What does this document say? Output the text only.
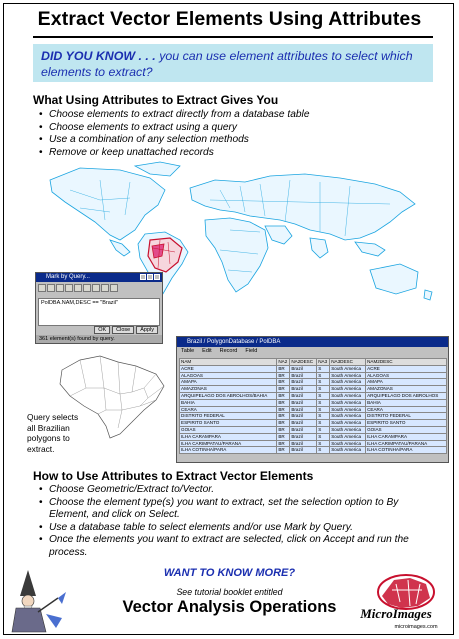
Extract Vector Elements Using Attributes
DID YOU KNOW . . . you can use element attributes to select which elements to extract?
What Using Attributes to Extract Gives You
• Choose elements to extract directly from a database table
• Choose elements to extract using a query
• Use a combination of any selection methods
• Remove or keep unattached records
Mark by Query...
PolDBA.NAM,DESC == "Brazil"
OK Close Apply
361 element(s) found by query.
Query selects
all Brazilian
polygons to
extract.
Brazil / PolygonDatabase / PolDBA
Table Edit Record Field
NAM	NA2	NA2DESC	NA3	NA3DESC	NAM2DESC
ACRE	BR	Brazil	S	South America	ACRE
ALAGOAS	BR	Brazil	S	South America	ALAGOAS
AMAPA	BR	Brazil	S	South America	AMAPA
AMAZONAS	BR	Brazil	S	South America	AMAZONAS
ARQUIPELAGO DOS ABROLHOS/BAHIA	BR	Brazil	S	South America	ARQUIPELAGO DOS ABROLHOS
BAHIA	BR	Brazil	S	South America	BAHIA
CEARA	BR	Brazil	S	South America	CEARA
DISTRITO FEDERAL	BR	Brazil	S	South America	DISTRITO FEDERAL
ESPIRITO SANTO	BR	Brazil	S	South America	ESPIRITO SANTO
GOIAS	BR	Brazil	S	South America	GOIAS
ILHA CARAMPARA	BR	Brazil	S	South America	ILHA CARAMPARA
ILHA CARIMPATAU/PARANA	BR	Brazil	S	South America	ILHA CARIMPATAU/PARANA
ILHA COTINHA/PARA	BR	Brazil	S	South America	ILHA COTINHA/PARA
How to Use Attributes to Extract Vector Elements
• Choose Geometric/Extract to/Vector.
• Choose the element type(s) you want to extract, set the selection option to By Element, and click on Select.
• Use a database table to select elements and/or use Mark by Query.
• Once the elements you want to extract are selected, click on Accept and run the process.
WANT TO KNOW MORE?
See tutorial booklet entitled
Vector Analysis Operations	MicroImages
microimages.com
